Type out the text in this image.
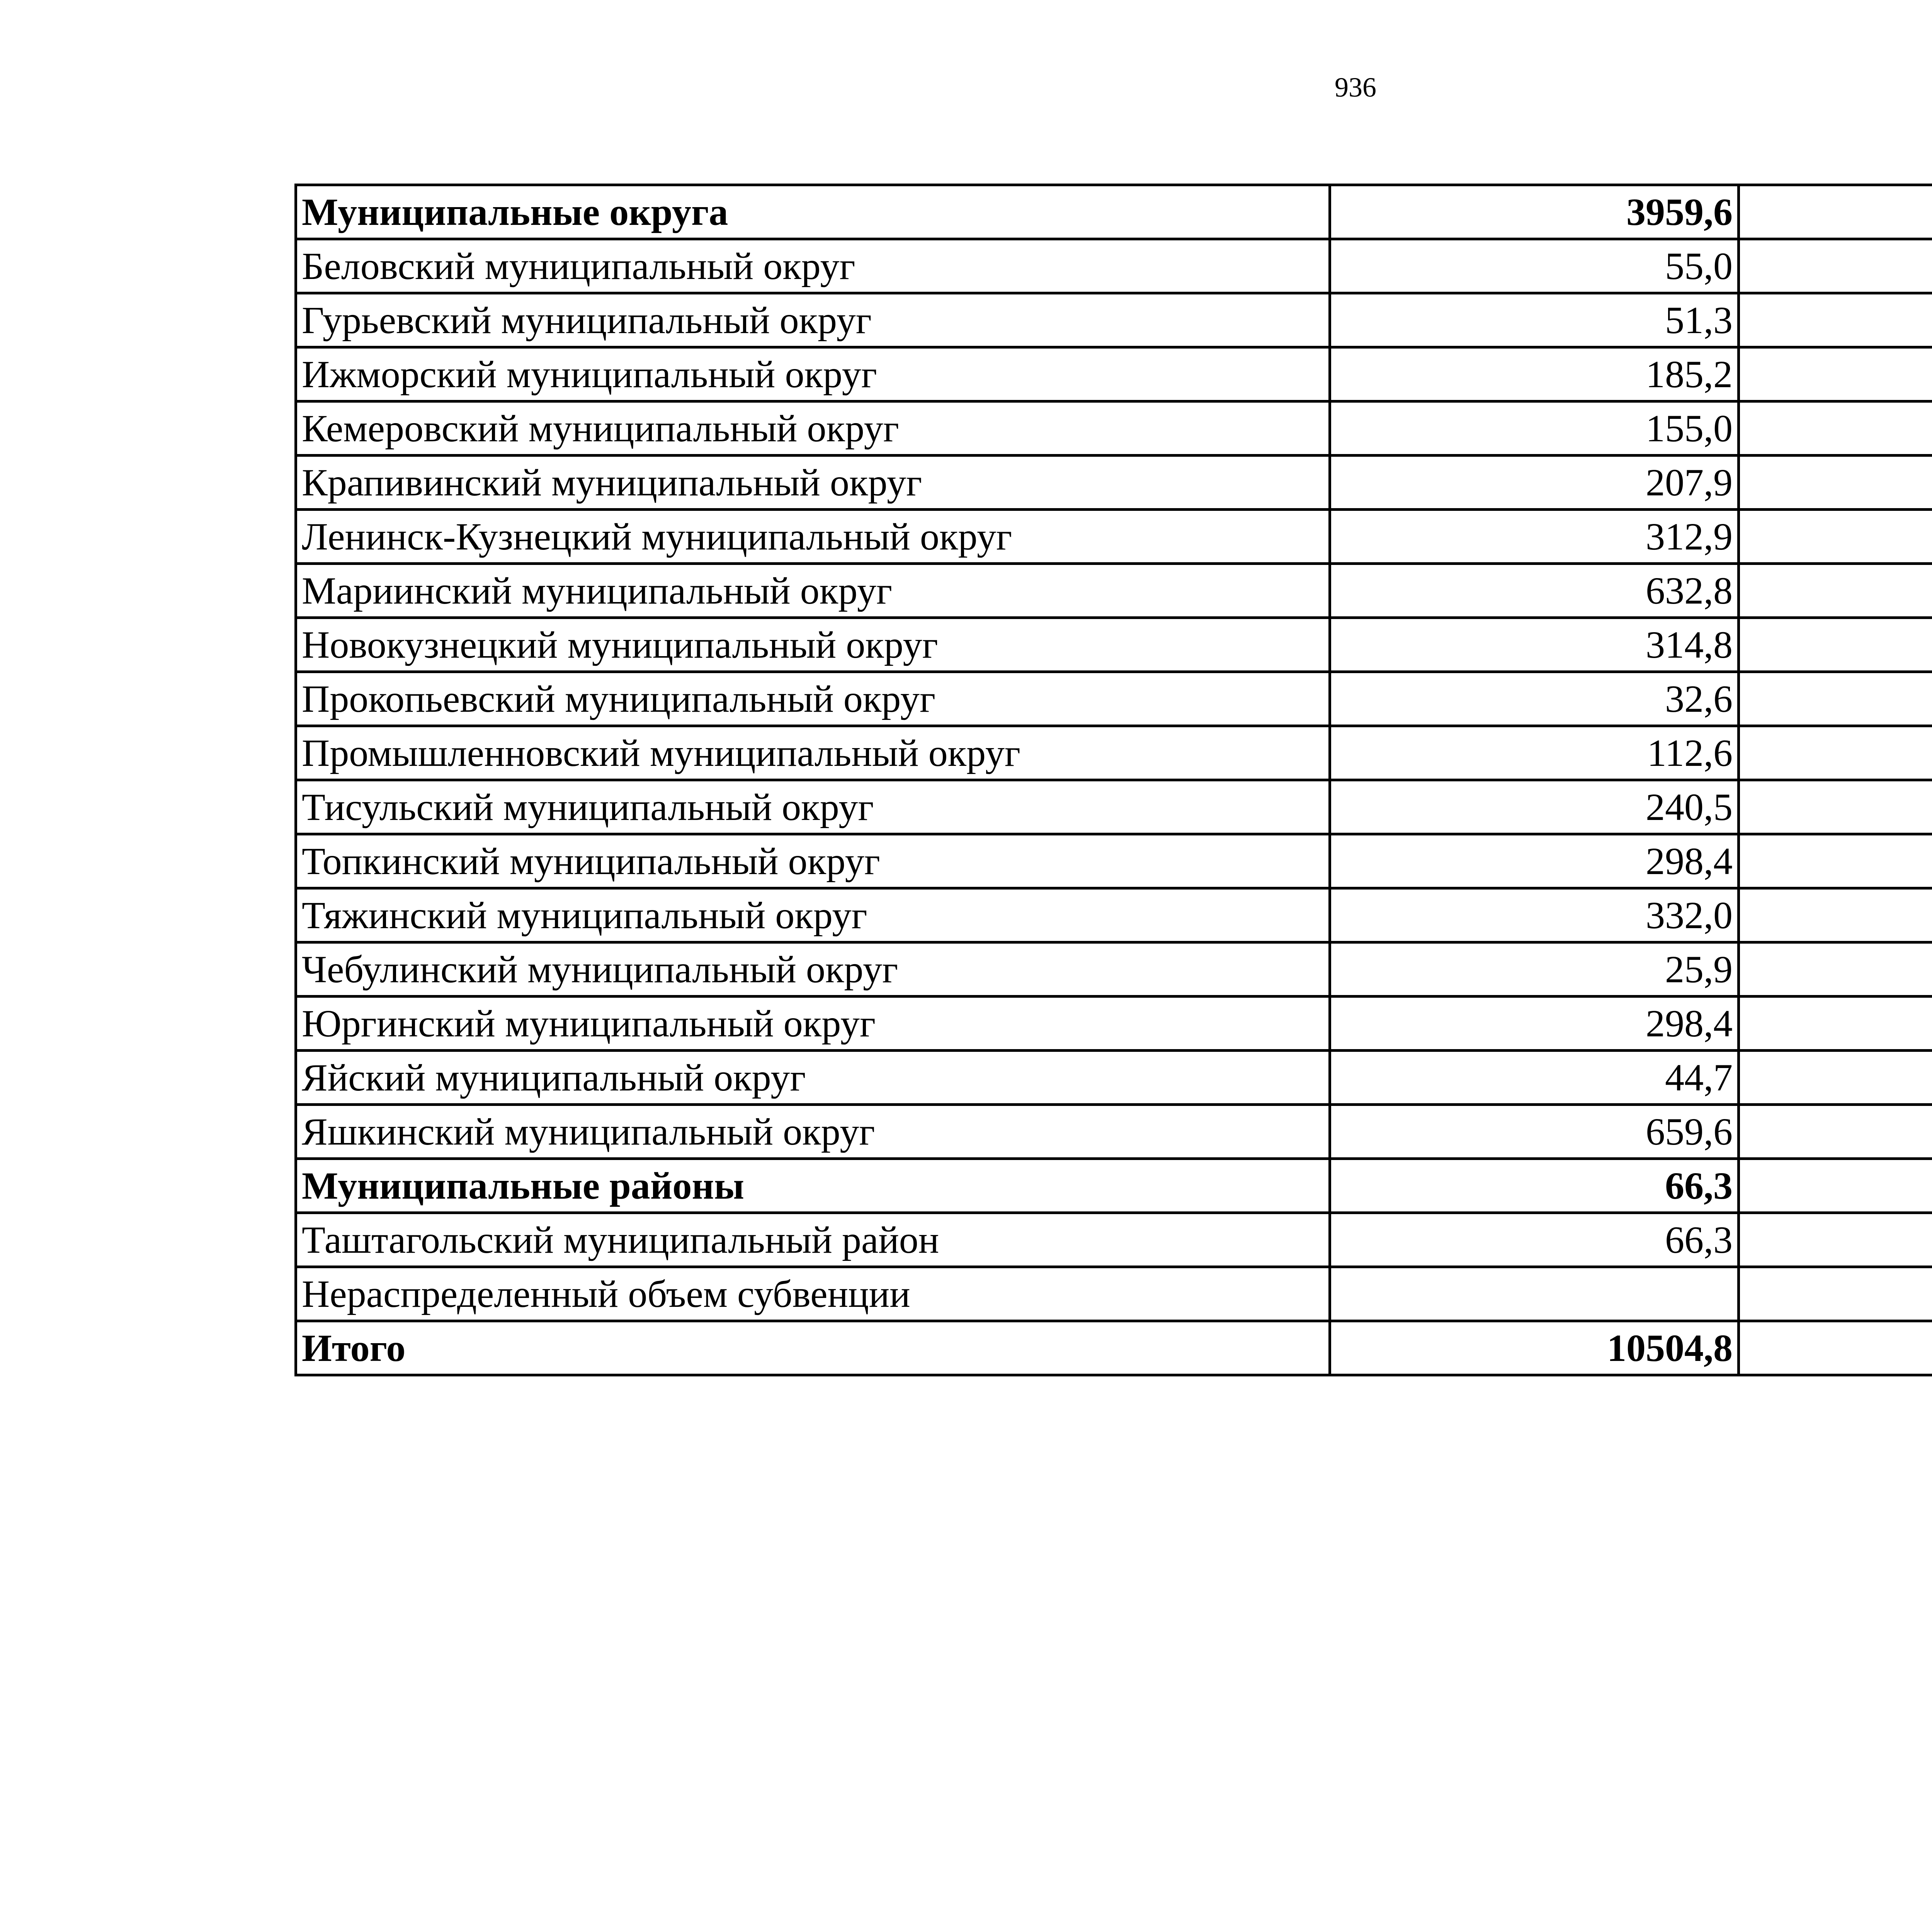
936
Муниципальные округа	3959,6		
Беловский муниципальный округ	55,0		
Гурьевский муниципальный округ	51,3		
Ижморский муниципальный округ	185,2		
Кемеровский муниципальный округ	155,0		
Крапивинский муниципальный округ	207,9		
Ленинск-Кузнецкий муниципальный округ	312,9		
Мариинский муниципальный округ	632,8		
Новокузнецкий муниципальный округ	314,8		
Прокопьевский муниципальный округ	32,6		
Промышленновский муниципальный округ	112,6		
Тисульский муниципальный округ	240,5		
Топкинский муниципальный округ	298,4		
Тяжинский муниципальный округ	332,0		
Чебулинский муниципальный округ	25,9		
Юргинский муниципальный округ	298,4		
Яйский муниципальный округ	44,7		
Яшкинский муниципальный округ	659,6		
Муниципальные районы	66,3		
Таштагольский муниципальный район	66,3		
Нераспределенный объем субвенции			
Итого	10504,8		
